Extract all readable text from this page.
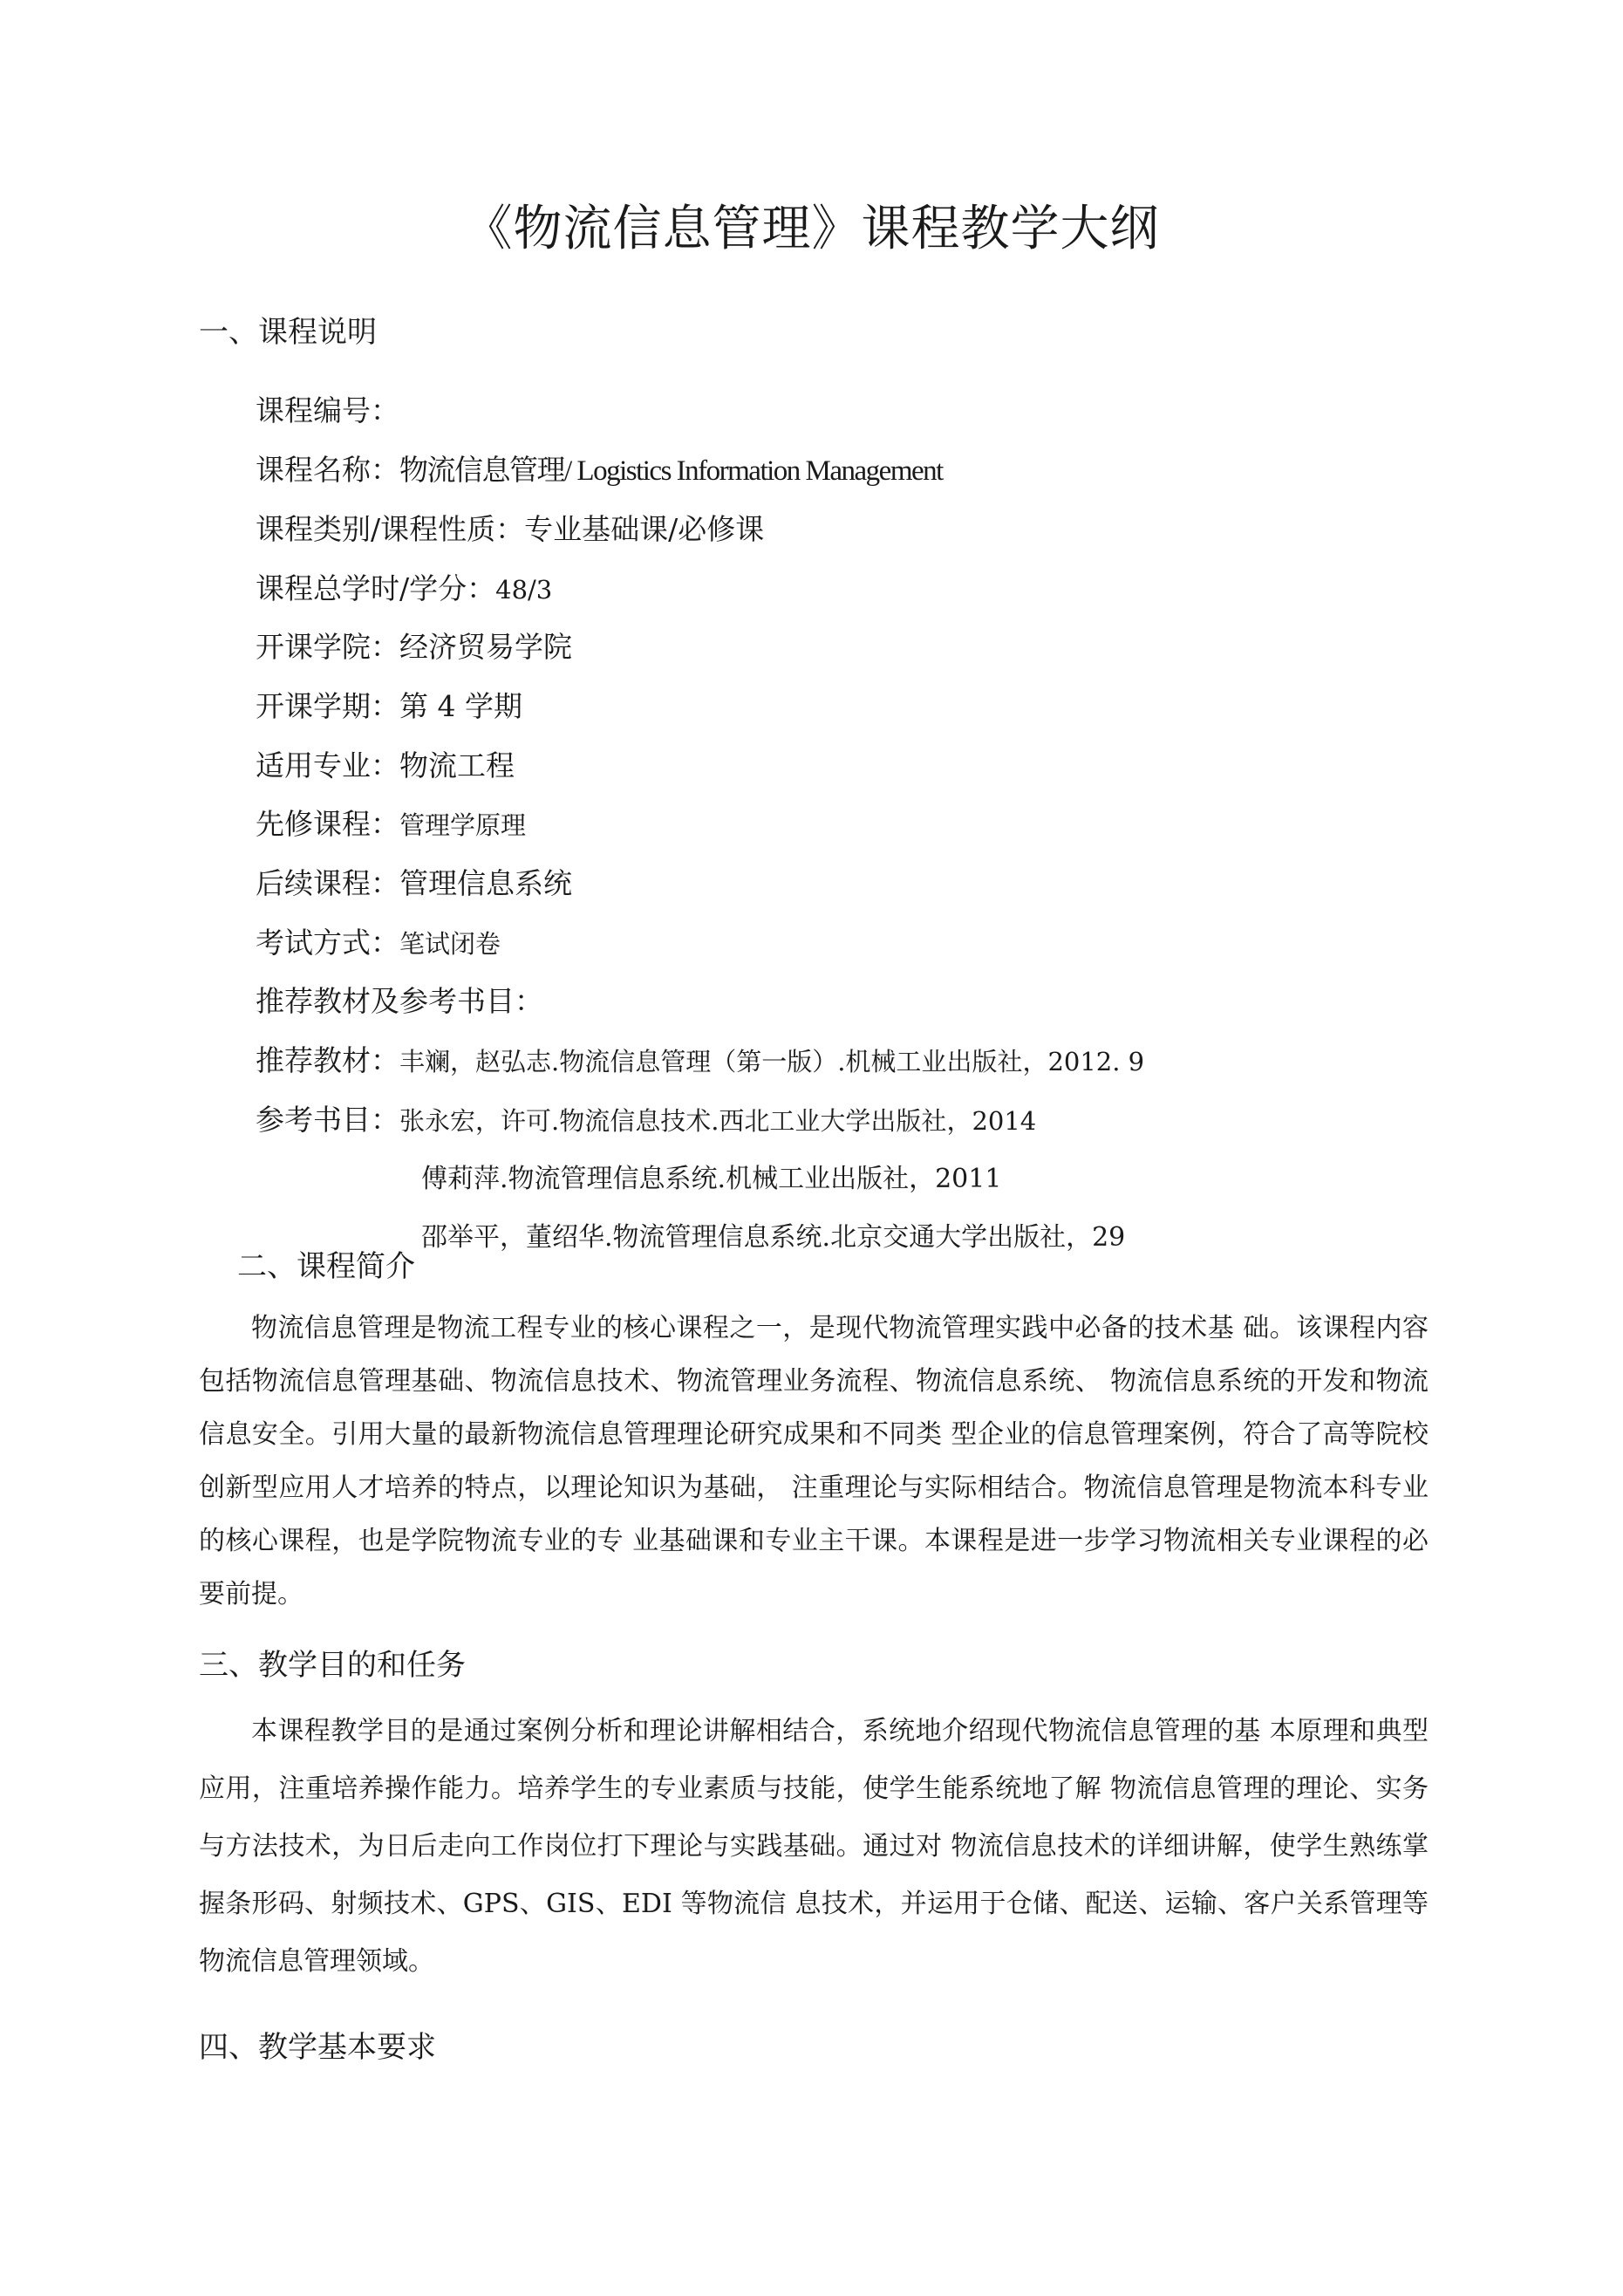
《物流信息管理》课程教学大纲
一、课程说明
课程编号：
课程名称：物流信息管理/ Logistics Information Management
课程类别/课程性质：专业基础课/必修课
课程总学时/学分：48/3
开课学院：经济贸易学院
开课学期：第 4 学期
适用专业：物流工程
先修课程：管理学原理
后续课程：管理信息系统
考试方式：笔试闭卷
推荐教材及参考书目：
推荐教材：丰斓，赵弘志.物流信息管理（第一版）.机械工业出版社，2012. 9
参考书目：张永宏，许可.物流信息技术.西北工业大学出版社，2014
傅莉萍.物流管理信息系统.机械工业出版社，2011
邵举平，董绍华.物流管理信息系统.北京交通大学出版社，29
二、课程简介

物流信息管理是物流工程专业的核心课程之一，是现代物流管理实践中必备的技术基 础。该课程内容包括物流信息管理基础、物流信息技术、物流管理业务流程、物流信息系统、 物流信息系统的开发和物流信息安全。引用大量的最新物流信息管理理论研究成果和不同类 型企业的信息管理案例，符合了高等院校创新型应用人才培养的特点，以理论知识为基础， 注重理论与实际相结合。物流信息管理是物流本科专业的核心课程，也是学院物流专业的专 业基础课和专业主干课。本课程是进一步学习物流相关专业课程的必要前提。

三、教学目的和任务

本课程教学目的是通过案例分析和理论讲解相结合，系统地介绍现代物流信息管理的基 本原理和典型应用，注重培养操作能力。培养学生的专业素质与技能，使学生能系统地了解 物流信息管理的理论、实务与方法技术，为日后走向工作岗位打下理论与实践基础。通过对 物流信息技术的详细讲解，使学生熟练掌握条形码、射频技术、GPS、GIS、EDI 等物流信 息技术，并运用于仓储、配送、运输、客户关系管理等物流信息管理领域。

四、教学基本要求
